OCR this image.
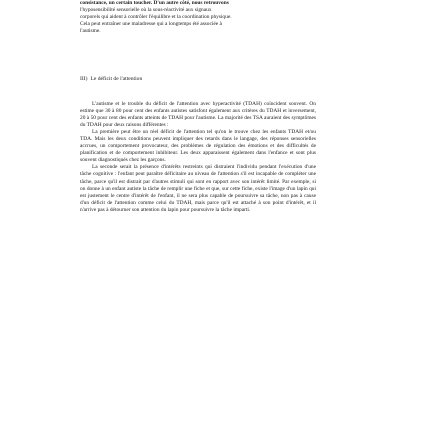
consistance, un certain toucher. D'un autre côté, nous retrouvons

l'hyposensibilité sensorielle où la sous-réactivité aux signaux

corporels qui aident à contrôler l'équilibre et la coordination physique.

Cela peut entraîner une maladresse qui a longtemps été associée à

l'autisme.

III) Le déficit de l'attention

L'autisme et le trouble du déficit de l'attention avec hyperactivité (TDAH) coïncident souvent. On estime que 30 à 80 pour cent des enfants autistes satisfont également aux critères du TDAH et inversement, 20 à 50 pour cent des enfants atteints de TDAH pour l'autisme. La majorité des TSA auraient des symptômes du TDAH pour deux raisons différentes :

La première peut être un réel déficit de l'attention tel qu'on le trouve chez les enfants TDAH et/ou TDA. Mais les deux conditions peuvent impliquer des retards dans le langage, des réponses sensorielles accrues, un comportement provocateur, des problèmes de régulation des émotions et des difficultés de planification et de comportement inhibiteur. Les deux apparaissent également dans l'enfance et sont plus souvent diagnostiqués chez les garçons.

La seconde serait la présence d'intérêts restreints qui distraient l'individu pendant l'exécution d'une tâche cognitive : l'enfant peut paraître déficitaire au niveau de l'attention s'il est incapable de compléter une tâche, parce qu'il est distrait par d'autres stimuli qui sont en rapport avec son intérêt limité. Par exemple, si on donne à un enfant autiste la tâche de remplir une fiche et que, sur cette fiche, existe l'image d'un lapin qui est justement le centre d'intérêt de l'enfant, il ne sera plus capable de poursuivre sa tâche, non pas à cause d'un déficit de l'attention comme celui du TDAH, mais parce qu'il est attaché à son point d'intérêt, et il n'arrive pas à détourner son attention du lapin pour poursuivre la tâche imparti.
